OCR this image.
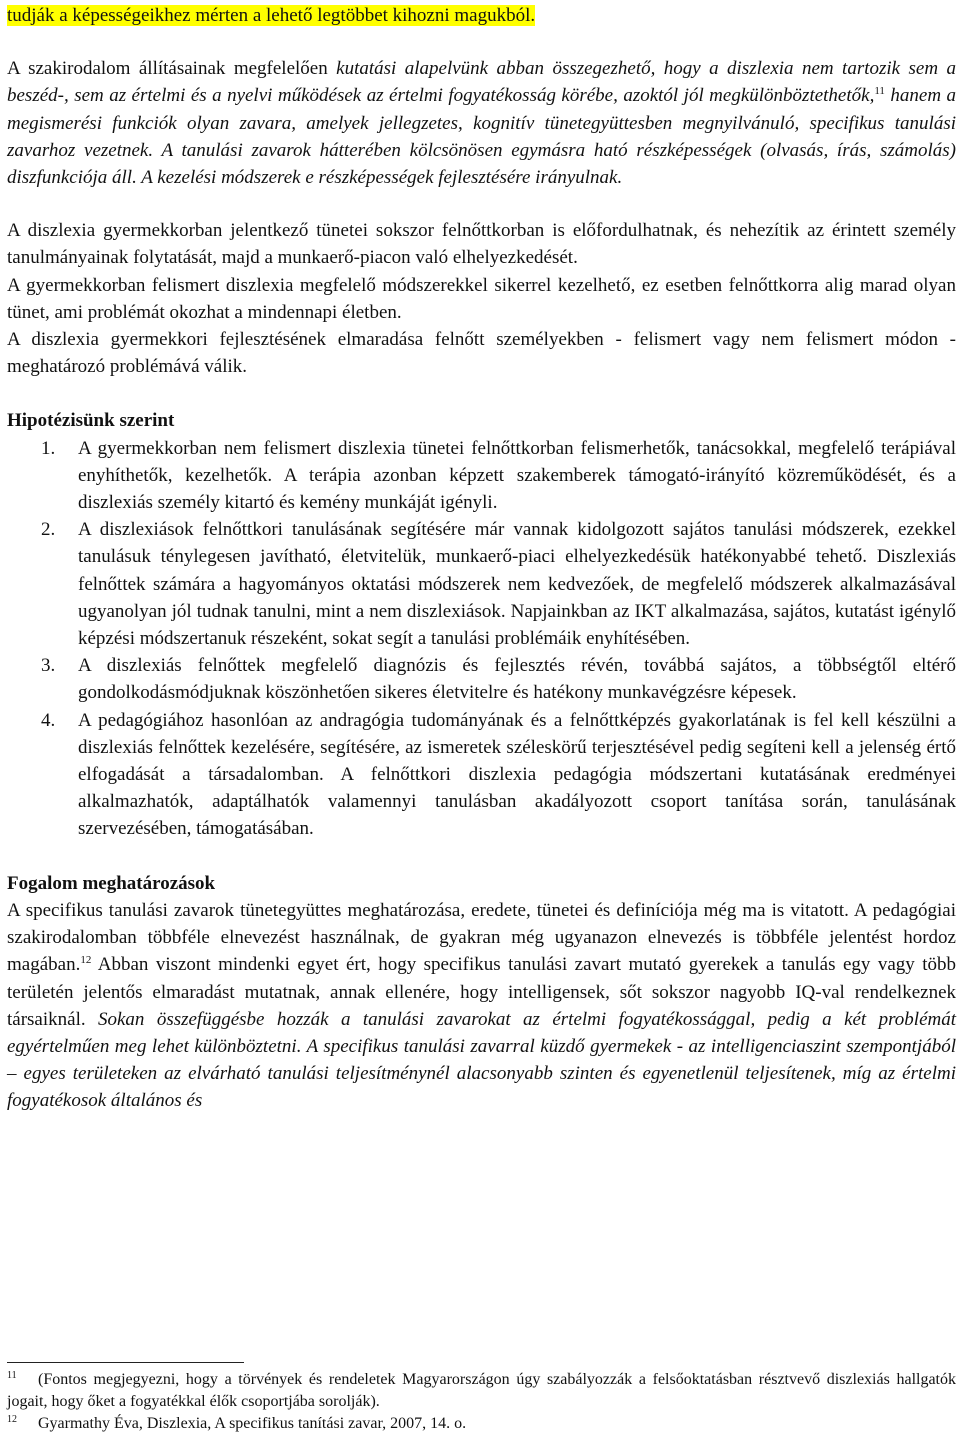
tudják a képességeikhez mérten a lehető legtöbbet kihozni magukból.

A szakirodalom állításainak megfelelően kutatási alapelvünk abban összegezhető, hogy a diszlexia nem tartozik sem a beszéd-, sem az értelmi és a nyelvi működések az értelmi fogyatékosság körébe, azoktól jól megkülönböztethetők,$^{11}$ hanem a megismerési funkciók olyan zavara, amelyek jellegzetes, kognitív tünetegyüttesben megnyilvánuló, specifikus tanulási zavarhoz vezetnek. A tanulási zavarok hátterében kölcsönösen egymásra ható részképességek (olvasás, írás, számolás) diszfunkciója áll. A kezelési módszerek e részképességek fejlesztésére irányulnak.

A diszlexia gyermekkorban jelentkező tünetei sokszor felnőttkorban is előfordulhatnak, és nehezítik az érintett személy tanulmányainak folytatását, majd a munkaerő-piacon való elhelyezkedését.

A gyermekkorban felismert diszlexia megfelelő módszerekkel sikerrel kezelhető, ez esetben felnőttkorra alig marad olyan tünet, ami problémát okozhat a mindennapi életben.

A diszlexia gyermekkori fejlesztésének elmaradása felnőtt személyekben - felismert vagy nem felismert módon - meghatározó problémává válik.

Hipotézisünk szerint
1. A gyermekkorban nem felismert diszlexia tünetei felnőttkorban felismerhetők, tanácsokkal, megfelelő terápiával enyhíthetők, kezelhetők. A terápia azonban képzett szakemberek támogató-irányító közreműködését, és a diszlexiás személy kitartó és kemény munkáját igényli.
2. A diszlexiások felnőttkori tanulásának segítésére már vannak kidolgozott sajátos tanulási módszerek, ezekkel tanulásuk ténylegesen javítható, életvitelük, munkaerő-piaci elhelyezkedésük hatékonyabbé tehető. Diszlexiás felnőttek számára a hagyományos oktatási módszerek nem kedvezőek, de megfelelő módszerek alkalmazásával ugyanolyan jól tudnak tanulni, mint a nem diszlexiások. Napjainkban az IKT alkalmazása, sajátos, kutatást igénylő képzési módszertanuk részeként, sokat segít a tanulási problémáik enyhítésében.
3. A diszlexiás felnőttek megfelelő diagnózis és fejlesztés révén, továbbá sajátos, a többségtől eltérő gondolkodásmódjuknak köszönhetően sikeres életvitelre és hatékony munkavégzésre képesek.
4. A pedagógiához hasonlóan az andragógia tudományának és a felnőttképzés gyakorlatának is fel kell készülni a diszlexiás felnőttek kezelésére, segítésére, az ismeretek széleskörű terjesztésével pedig segíteni kell a jelenség értő elfogadását a társadalomban. A felnőttkori diszlexia pedagógia módszertani kutatásának eredményei alkalmazhatók, adaptálhatók valamennyi tanulásban akadályozott csoport tanítása során, tanulásának szervezésében, támogatásában.
Fogalom meghatározások

A specifikus tanulási zavarok tünetegyüttes meghatározása, eredete, tünetei és definíciója még ma is vitatott. A pedagógiai szakirodalomban többféle elnevezést használnak, de gyakran még ugyanazon elnevezés is többféle jelentést hordoz magában.$^{12}$ Abban viszont mindenki egyet ért, hogy specifikus tanulási zavart mutató gyerekek a tanulás egy vagy több területén jelentős elmaradást mutatnak, annak ellenére, hogy intelligensek, sőt sokszor nagyobb IQ-val rendelkeznek társaiknál. Sokan összefüggésbe hozzák a tanulási zavarokat az értelmi fogyatékossággal, pedig a két problémát egyértelműen meg lehet különböztetni. A specifikus tanulási zavarral küzdő gyermekek - az intelligenciaszint szempontjából – egyes területeken az elvárható tanulási teljesítménynél alacsonyabb szinten és egyenetlenül teljesítenek, míg az értelmi fogyatékosok általános és

11 (Fontos megjegyezni, hogy a törvények és rendeletek Magyarországon úgy szabályozzák a felsőoktatásban résztvevő diszlexiás hallgatók jogait, hogy őket a fogyatékkal élők csoportjába sorolják).
12 Gyarmathy Éva, Diszlexia, A specifikus tanítási zavar, 2007, 14. o.
